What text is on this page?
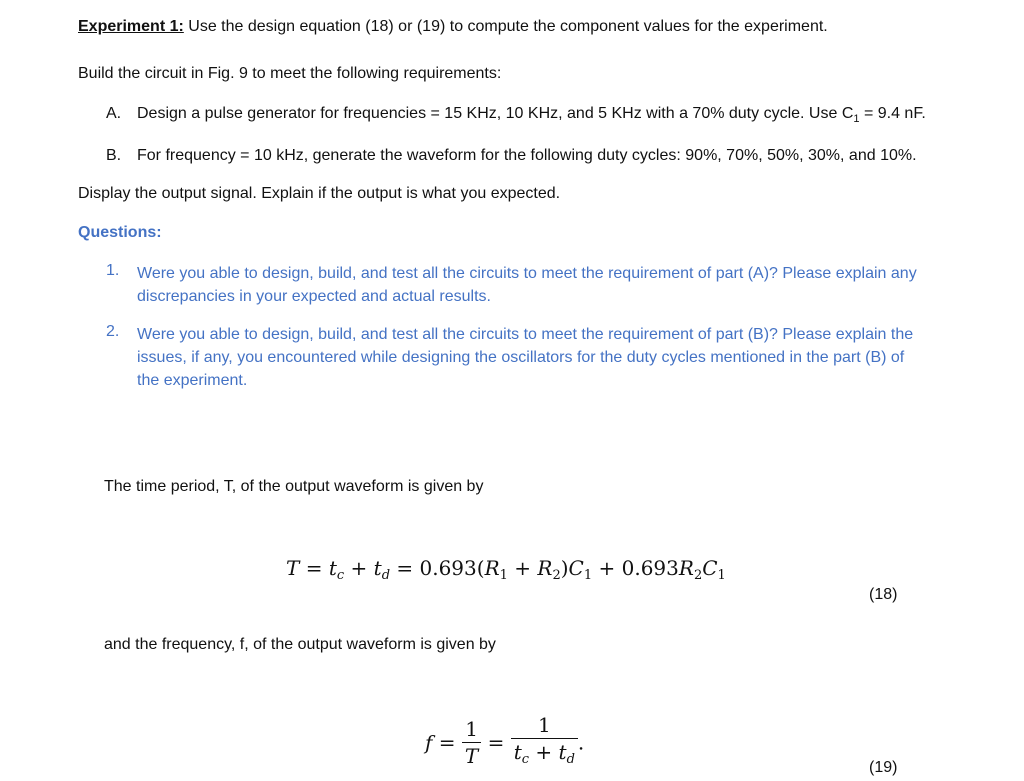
Experiment 1: Use the design equation (18) or (19) to compute the component values for the experiment.
Build the circuit in Fig. 9 to meet the following requirements:
A. Design a pulse generator for frequencies = 15 KHz, 10 KHz, and 5 KHz with a 70% duty cycle. Use $C_1 = 9.4$ nF.
B. For frequency = 10 kHz, generate the waveform for the following duty cycles: 90%, 70%, 50%, 30%, and 10%.
Display the output signal. Explain if the output is what you expected.
Questions:
1. Were you able to design, build, and test all the circuits to meet the requirement of part (A)? Please explain any
discrepancies in your expected and actual results.
2. Were you able to design, build, and test all the circuits to meet the requirement of part (B)? Please explain the
issues, if any, you encountered while designing the oscillators for the duty cycles mentioned in the part (B) of
the experiment.
The time period, T, of the output waveform is given by
$T = t_c + t_d = 0.693(R_1 + R_2)C_1 + 0.693R_2C_1$
(18)
and the frequency, f, of the output waveform is given by
$f = \frac{1}{T} = \frac{1}{t_c + t_d}$ .
(19)
